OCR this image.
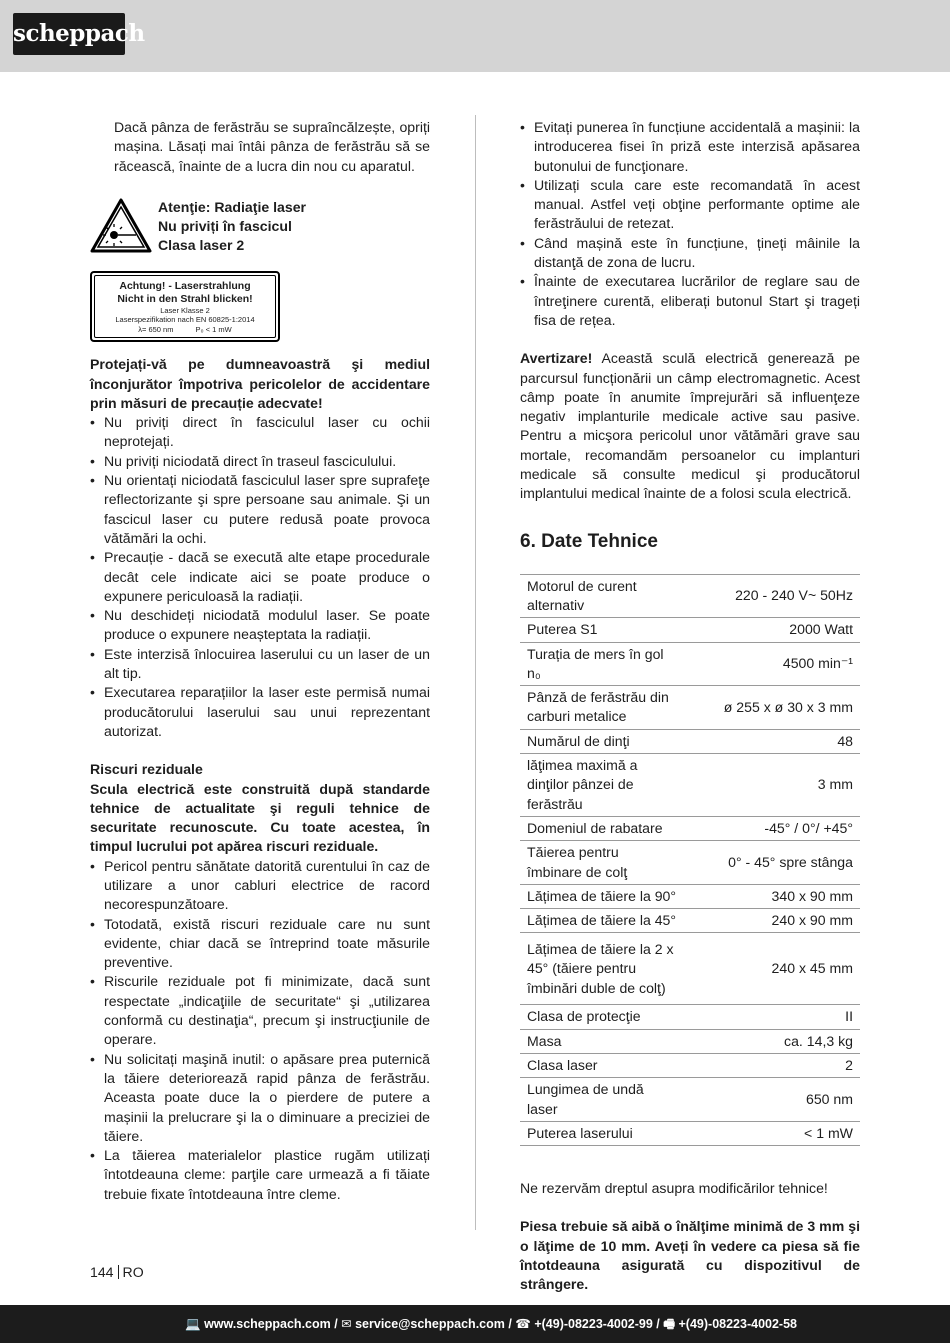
scheppach

Dacă pânza de ferăstrău se supraîncălzește, opriți mașina. Lăsați mai întâi pânza de ferăstrău să se răcească, înainte de a lucra din nou cu aparatul.

Atenţie: Radiaţie laser
Nu priviți în fascicul
Clasa laser 2
Achtung! - Laserstrahlung
Nicht in den Strahl blicken!
Laser Klasse 2
Laserspezifikation nach EN 60825-1:2014
λ= 650 nm	P₀ < 1 mW

Protejați-vă pe dumneavoastră şi mediul înconjurător împotriva pericolelor de accidentare prin măsuri de precauție adecvate!

• Nu priviți direct în fasciculul laser cu ochii neprotejați.
• Nu priviți niciodată direct în traseul fasciculului.
• Nu orientați niciodată fasciculul laser spre suprafeţe reflectorizante şi spre persoane sau animale. Şi un fascicul laser cu putere redusă poate provoca vătămări la ochi.
• Precauție - dacă se execută alte etape procedurale decât cele indicate aici se poate produce o expunere periculoasă la radiații.
• Nu deschideți niciodată modulul laser. Se poate produce o expunere neașteptata la radiații.
• Este interzisă înlocuirea laserului cu un laser de un alt tip.
• Executarea reparațiilor la laser este permisă numai producătorului laserului sau unui reprezentant autorizat.

Riscuri reziduale

Scula electrică este construită după standarde tehnice de actualitate şi reguli tehnice de securitate recunoscute. Cu toate acestea, în timpul lucrului pot apărea riscuri reziduale.

• Pericol pentru sănătate datorită curentului în caz de utilizare a unor cabluri electrice de racord necorespunzătoare.
• Totodată, există riscuri reziduale care nu sunt evidente, chiar dacă se întreprind toate măsurile preventive.
• Riscurile reziduale pot fi minimizate, dacă sunt respectate „indicaţiile de securitate“ şi „utilizarea conformă cu destinaţia“, precum şi instrucţiunile de operare.
• Nu solicitați maşină inutil: o apăsare prea puternică la tăiere deteriorează rapid pânza de ferăstrău. Aceasta poate duce la o pierdere de putere a mașinii la prelucrare şi la o diminuare a preciziei de tăiere.
• La tăierea materialelor plastice rugăm utilizați întotdeauna cleme: parţile care urmează a fi tăiate trebuie fixate întotdeauna între cleme.
• Evitați punerea în funcțiune accidentală a mașinii: la introducerea fisei în priză este interzisă apăsarea butonului de funcţionare.
• Utilizați scula care este recomandată în acest manual. Astfel veți obţine performante optime ale ferăstrăului de retezat.
• Când mașină este în funcțiune, țineți mâinile la distanţă de zona de lucru.
• Înainte de executarea lucrărilor de reglare sau de întreţinere curentă, eliberați butonul Start şi trageți fisa de rețea.

Avertizare! Această sculă electrică generează pe parcursul funcționării un câmp electromagnetic. Acest câmp poate în anumite împrejurări să influenţeze negativ implanturile medicale active sau pasive. Pentru a micşora pericolul unor vătămări grave sau mortale, recomandăm persoanelor cu implanturi medicale să consulte medicul şi producătorul implantului medical înainte de a folosi scula electrică.

6. Date Tehnice
Motorul de curent alternativ	220 - 240 V~ 50Hz
Puterea S1	2000 Watt
Turația de mers în gol n₀	4500 min⁻¹
Pânză de ferăstrău din carburi metalice	ø 255 x ø 30 x 3 mm
Numărul de dinţi	48
lăţimea maximă a dinţilor pânzei de ferăstrău	3 mm
Domeniul de rabatare	-45° / 0°/ +45°
Tăierea pentru îmbinare de colţ	0° - 45° spre stânga
Lățimea de tăiere la 90°	340 x 90 mm
Lățimea de tăiere la 45°	240 x 90 mm
Lățimea de tăiere la 2 x 45° (tăiere pentru îmbinări duble de colţ)	240 x 45 mm
Clasa de protecţie	II
Masa	ca. 14,3 kg
Clasa laser	2
Lungimea de undă laser	650 nm
Puterea laserului	< 1 mW

Ne rezervăm dreptul asupra modificărilor tehnice!

Piesa trebuie să aibă o înălţime minimă de 3 mm şi o lăţime de 10 mm. Aveți în vedere ca piesa să fie întotdeauna asigurată cu dispozitivul de strângere.

144 RO
💻 www.scheppach.com / ✉ service@scheppach.com / ☎ +(49)-08223-4002-99 / 🖷 +(49)-08223-4002-58
